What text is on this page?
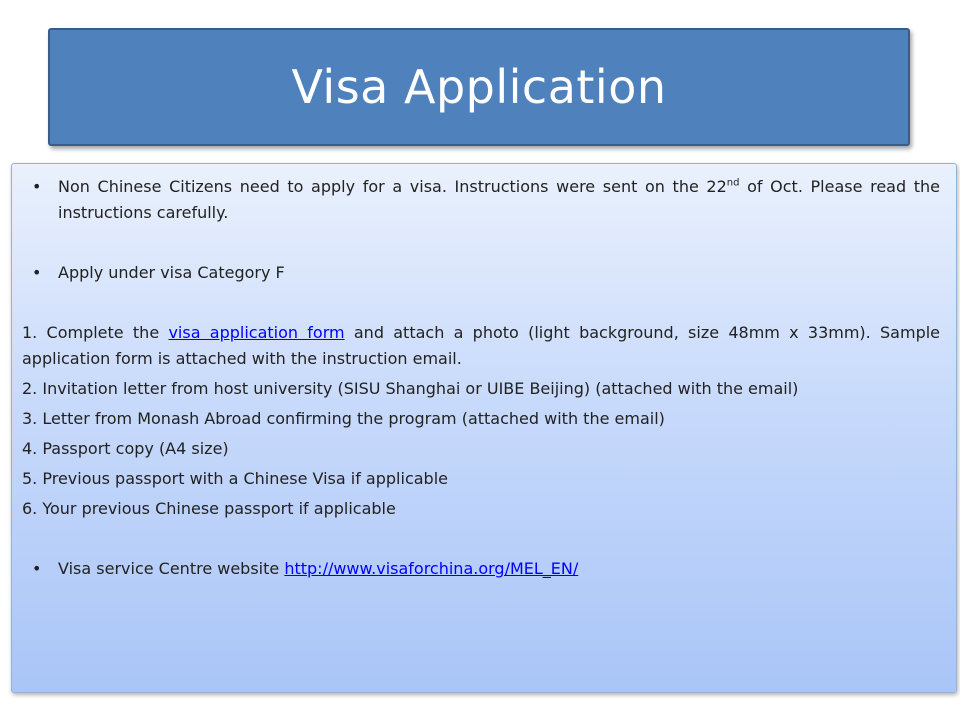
Visa Application
• Non Chinese Citizens need to apply for a visa. Instructions were sent on the 22nd of Oct. Please read the instructions carefully.
• Apply under visa Category F
1. Complete the visa application form and attach a photo (light background, size 48mm x 33mm). Sample application form is attached with the instruction email.
2. Invitation letter from host university (SISU Shanghai or UIBE Beijing) (attached with the email)
3. Letter from Monash Abroad confirming the program (attached with the email)
4. Passport copy (A4 size)
5. Previous passport with a Chinese Visa if applicable
6. Your previous Chinese passport if applicable
• Visa service Centre website http://www.visaforchina.org/MEL_EN/
